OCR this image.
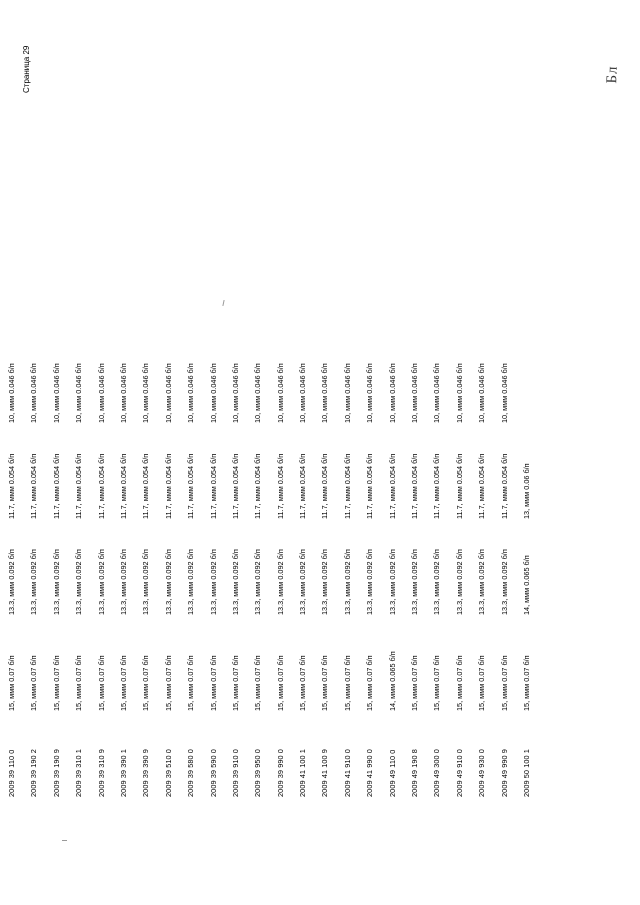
2009 39 110 0
15, ммм 0.07 б/п
13.3, ммм 0.092 б/п
11.7, ммм 0.054 б/п
10, ммм 0.046 б/п
2009 39 190 2
15, ммм 0.07 б/п
13.3, ммм 0.092 б/п
11.7, ммм 0.054 б/п
10, ммм 0.046 б/п
2009 39 190 9
15, ммм 0.07 б/п
13.3, ммм 0.092 б/п
11.7, ммм 0.054 б/п
10, ммм 0.046 б/п
2009 39 310 1
15, ммм 0.07 б/п
13.3, ммм 0.092 б/п
11.7, ммм 0.054 б/п
10, ммм 0.046 б/п
2009 39 310 9
15, ммм 0.07 б/п
13.3, ммм 0.092 б/п
11.7, ммм 0.054 б/п
10, ммм 0.046 б/п
2009 39 390 1
15, ммм 0.07 б/п
13.3, ммм 0.092 б/п
11.7, ммм 0.054 б/п
10, ммм 0.046 б/п
2009 39 390 9
15, ммм 0.07 б/п
13.3, ммм 0.092 б/п
11.7, ммм 0.054 б/п
10, ммм 0.046 б/п
2009 39 510 0
15, ммм 0.07 б/п
13.3, ммм 0.092 б/п
11.7, ммм 0.054 б/п
10, ммм 0.046 б/п
2009 39 580 0
15, ммм 0.07 б/п
13.3, ммм 0.092 б/п
11.7, ммм 0.054 б/п
10, ммм 0.046 б/п
2009 39 590 0
15, ммм 0.07 б/п
13.3, ммм 0.092 б/п
11.7, ммм 0.054 б/п
10, ммм 0.046 б/п
2009 39 910 0
15, ммм 0.07 б/п
13.3, ммм 0.092 б/п
11.7, ммм 0.054 б/п
10, ммм 0.046 б/п
2009 39 950 0
15, ммм 0.07 б/п
13.3, ммм 0.092 б/п
11.7, ммм 0.054 б/п
10, ммм 0.046 б/п
2009 39 990 0
15, ммм 0.07 б/п
13.3, ммм 0.092 б/п
11.7, ммм 0.054 б/п
10, ммм 0.046 б/п
2009 41 100 1
15, ммм 0.07 б/п
13.3, ммм 0.092 б/п
11.7, ммм 0.054 б/п
10, ммм 0.046 б/п
2009 41 100 9
15, ммм 0.07 б/п
13.3, ммм 0.092 б/п
11.7, ммм 0.054 б/п
10, ммм 0.046 б/п
2009 41 910 0
15, ммм 0.07 б/п
13.3, ммм 0.092 б/п
11.7, ммм 0.054 б/п
10, ммм 0.046 б/п
2009 41 990 0
15, ммм 0.07 б/п
13.3, ммм 0.092 б/п
11.7, ммм 0.054 б/п
10, ммм 0.046 б/п
2009 49 110 0
14, ммм 0.065 б/п
13.3, ммм 0.092 б/п
11.7, ммм 0.054 б/п
10, ммм 0.046 б/п
2009 49 190 8
15, ммм 0.07 б/п
13.3, ммм 0.092 б/п
11.7, ммм 0.054 б/п
10, ммм 0.046 б/п
2009 49 300 0
15, ммм 0.07 б/п
13.3, ммм 0.092 б/п
11.7, ммм 0.054 б/п
10, ммм 0.046 б/п
2009 49 910 0
15, ммм 0.07 б/п
13.3, ммм 0.092 б/п
11.7, ммм 0.054 б/п
10, ммм 0.046 б/п
2009 49 930 0
15, ммм 0.07 б/п
13.3, ммм 0.092 б/п
11.7, ммм 0.054 б/п
10, ммм 0.046 б/п
2009 49 990 9
15, ммм 0.07 б/п
13.3, ммм 0.092 б/п
11.7, ммм 0.054 б/п
10, ммм 0.046 б/п
2009 50 100 1
15, ммм 0.07 б/п
14, ммм 0.065 б/п
13, ммм 0.06 б/п
Страница 29	Бл
